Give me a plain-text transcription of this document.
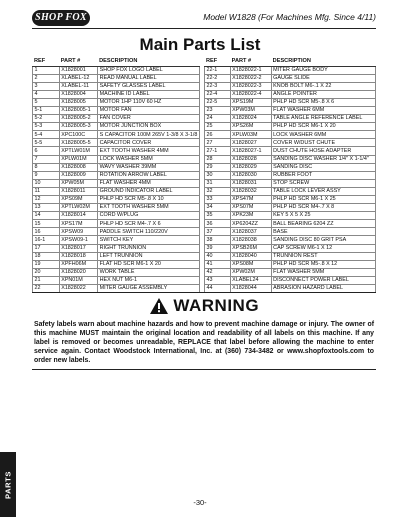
SHOP FOX	Model W1828 (For Machines Mfg. Since 4/11)
Main Parts List
REF	PART #	DESCRIPTION
1	X1828001	SHOP FOX LOGO LABEL
2	XLABEL-12	READ MANUAL LABEL
3	XLABEL-11	SAFETY GLASSES LABEL
4	X1828004	MACHINE ID LABEL
5	X1828005	MOTOR 1HP 110V 60 HZ
5-1	X1828005-1	MOTOR FAN
5-2	X1828005-2	FAN COVER
5-3	X1828005-3	MOTOR JUNCTION BOX
5-4	XPC100C	S CAPACITOR 100M 265V 1-3/8 X 3-1/8
5-5	X1828005-5	CAPACITOR COVER
6	XPTLW01M	EXT TOOTH WASHER 4MM
7	XPLW01M	LOCK WASHER 5MM
8	X1828008	WAVY WASHER 39MM
9	X1828009	ROTATION ARROW LABEL
10	XPW05M	FLAT WASHER 4MM
11	X1828011	GROUND INDICATOR LABEL
12	XPS09M	PHLP HD SCR M5-.8 X 10
13	XPTLW02M	EXT TOOTH WASHER 5MM
14	X1828014	CORD W/PLUG
15	XPS17M	PHLP HD SCR M4-.7 X 6
16	XPSW09	PADDLE SWITCH 110/220V
16-1	XPSW09-1	SWITCH KEY
17	X1828017	RIGHT TRUNNION
18	X1828018	LEFT TRUNNION
19	XPFH06M	FLAT HD SCR M6-1 X 20
20	X1828020	WORK TABLE
21	XPN01M	HEX NUT M6-1
22	X1828022	MITER GAUGE ASSEMBLY
REF	PART #	DESCRIPTION
22-1	X1828022-1	MITER GAUGE BODY
22-2	X1828022-2	GAUGE SLIDE
22-3	X1828022-3	KNOB BOLT M6-.1 X 22
22-4	X1828022-4	ANGLE POINTER
22-5	XPS19M	PHLP HD SCR M5-.8 X 6
23	XPW03M	FLAT WASHER 6MM
24	X1828024	TABLE ANGLE REFERENCE LABEL
25	XPS26M	PHLP HD SCR M6-1 X 20
26	XPLW03M	LOCK WASHER 6MM
27	X1828027	COVER W/DUST CHUTE
27-1	X1828027-1	DUST CHUTE HOSE ADAPTER
28	X1828028	SANDING DISC WASHER 1/4" X 1-1/4"
29	X1828029	SANDING DISC
30	X1828030	RUBBER FOOT
31	X1828031	STOP SCREW
32	X1828032	TABLE LOCK LEVER ASSY
33	XPS47M	PHLP HD SCR M6-1 X 25
34	XPS07M	PHLP HD SCR M4-.7 X 8
35	XPK23M	KEY 5 X 5 X 25
36	XP6204ZZ	BALL BEARING 6204 ZZ
37	X1828037	BASE
38	X1828038	SANDING DISC 80 GRIT PSA
39	XPSB26M	CAP SCREW M6-1 X 12
40	X1828040	TRUNNION REST
41	XPS08M	PHLP HD SCR M5-.8 X 12
42	XPW02M	FLAT WASHER 5MM
43	XLABEL24	DISCONNECT POWER LABEL
44	X1828044	ABRASION HAZARD LABEL
WARNING
Safety labels warn about machine hazards and how to prevent machine damage or injury. The owner of this machine MUST maintain the original location and readability of all labels on this machine. If any label is removed or becomes unreadable, REPLACE that label before allowing the machine to enter service again. Contact Woodstock International, Inc. at (360) 734-3482 or www.shopfoxtools.com to order new labels.
PARTS
-30-
